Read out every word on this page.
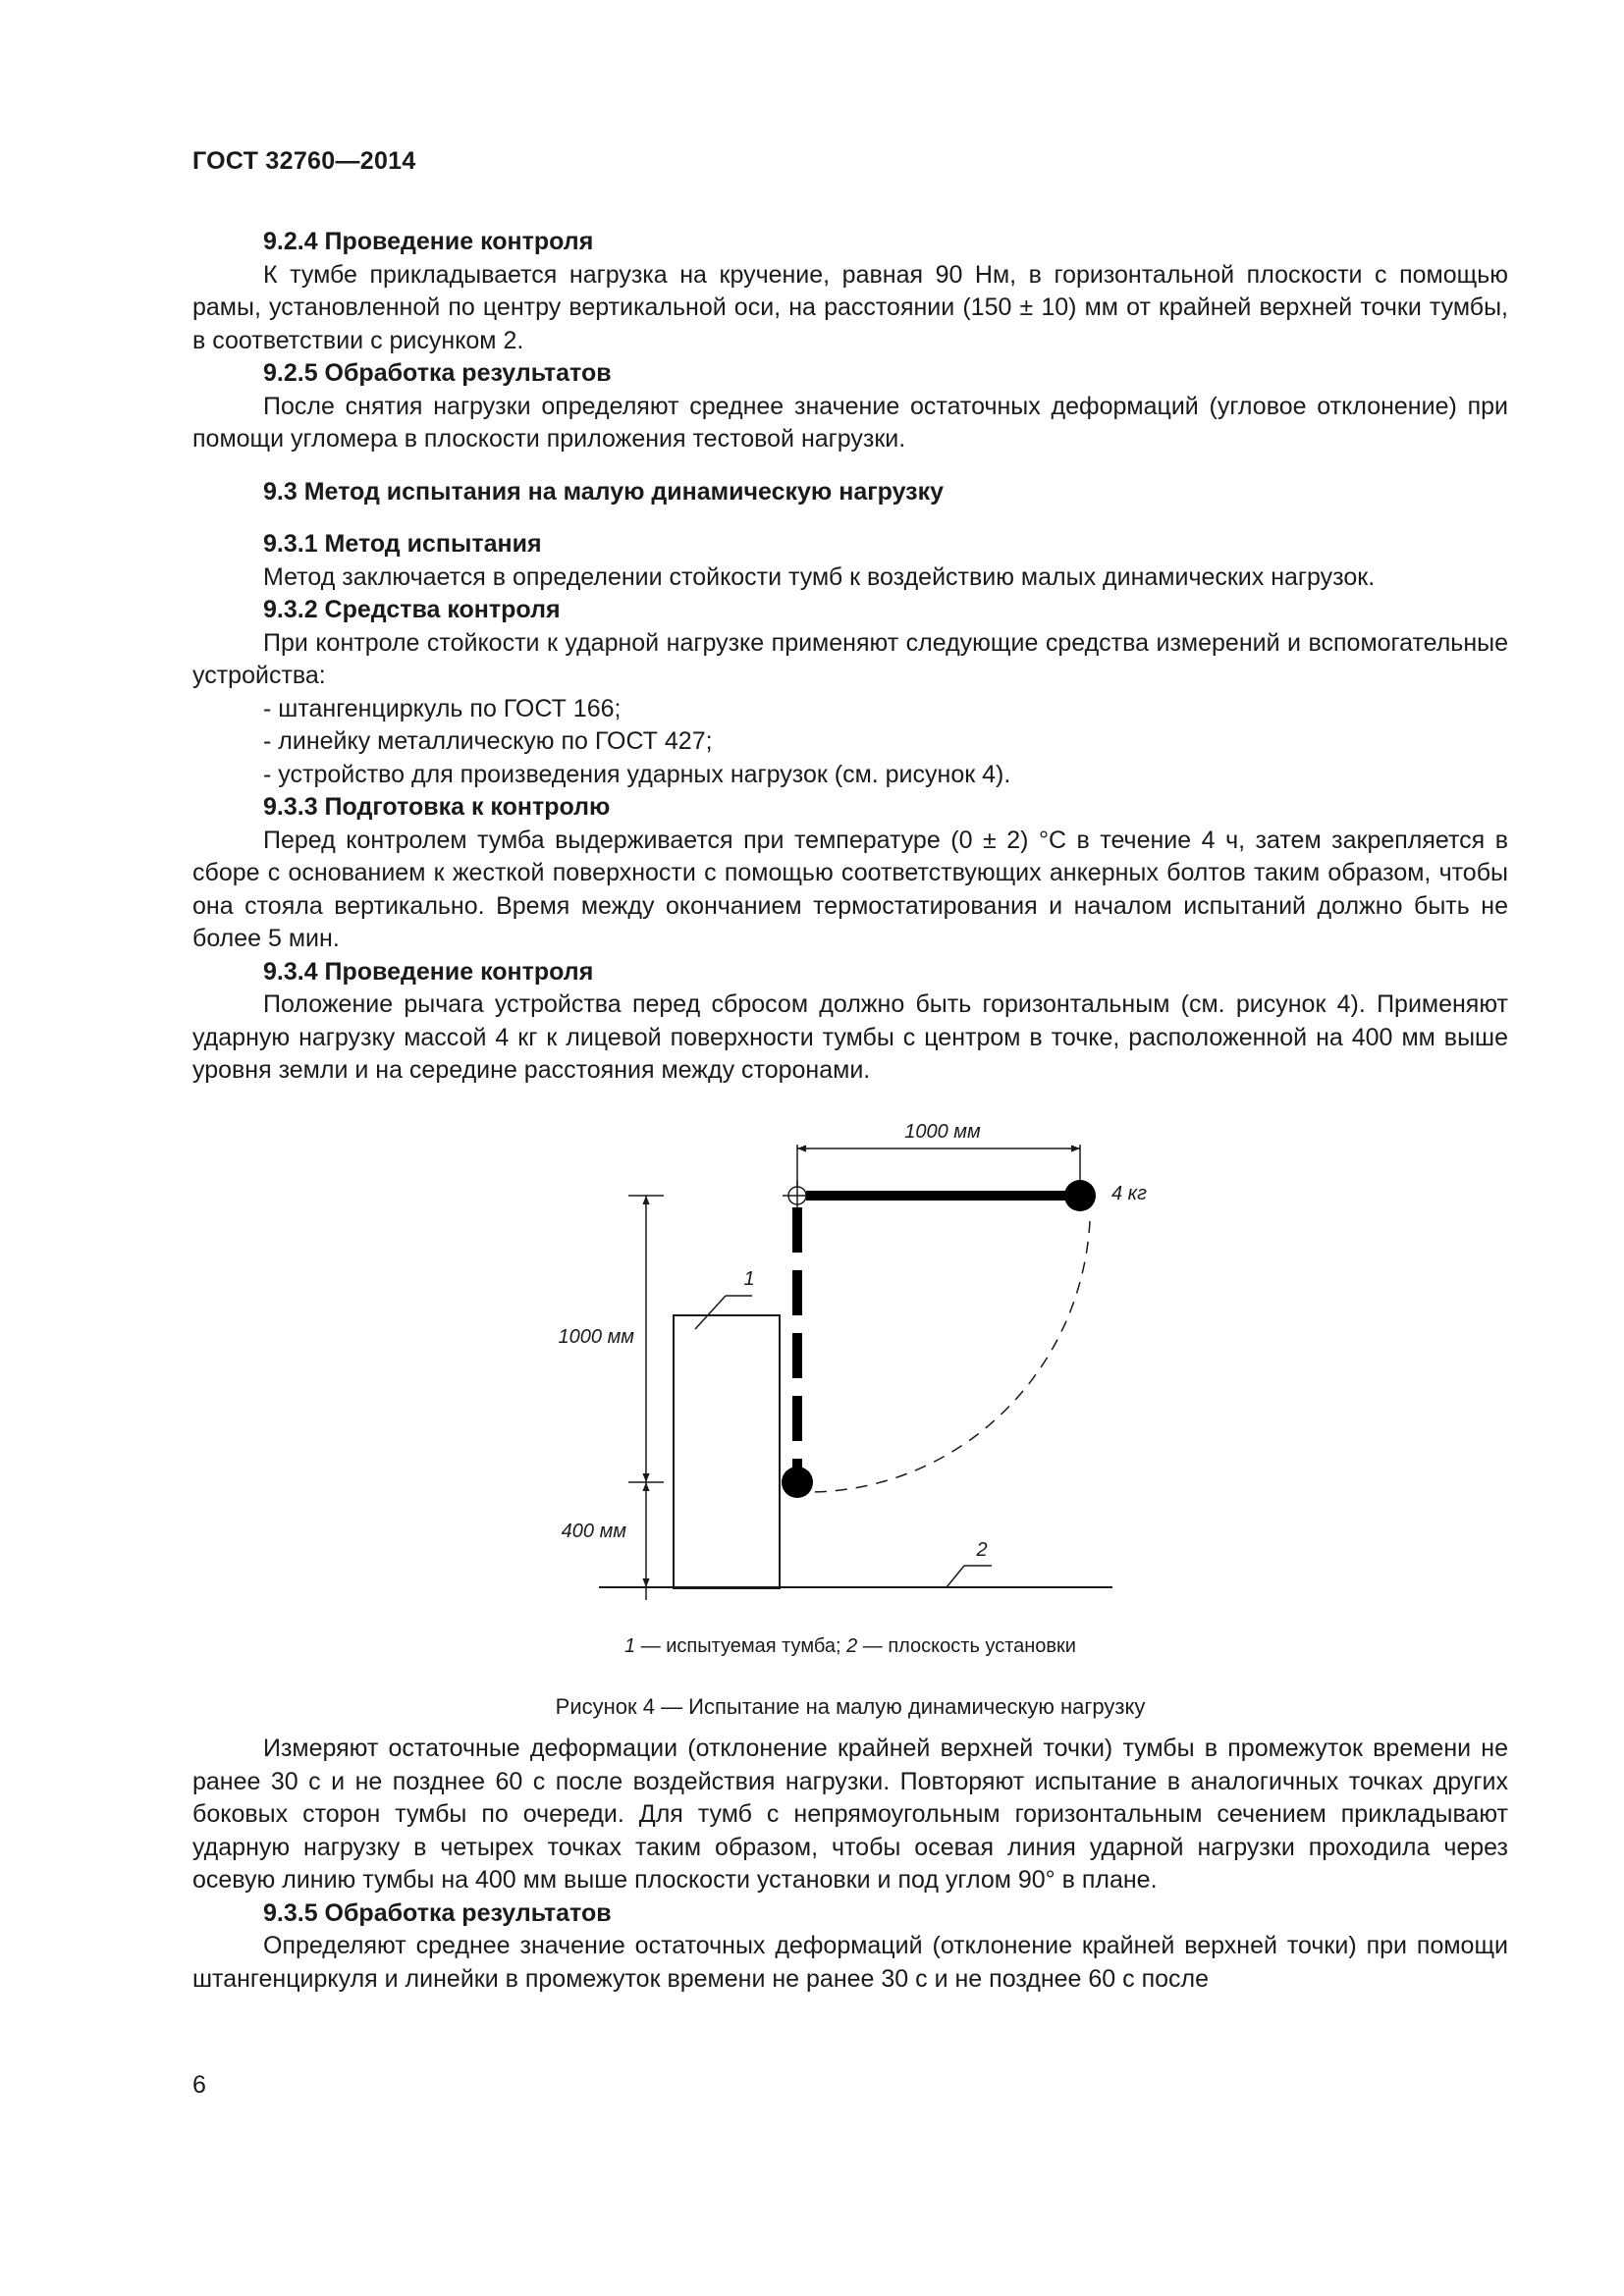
ГОСТ 32760—2014

9.2.4 Проведение контроля

К тумбе прикладывается нагрузка на кручение, равная 90 Нм, в горизонтальной плоскости с помощью рамы, установленной по центру вертикальной оси, на расстоянии (150 ± 10) мм от крайней верхней точки тумбы, в соответствии с рисунком 2.

9.2.5 Обработка результатов

После снятия нагрузки определяют среднее значение остаточных деформаций (угловое отклонение) при помощи угломера в плоскости приложения тестовой нагрузки.

9.3 Метод испытания на малую динамическую нагрузку

9.3.1 Метод испытания

Метод заключается в определении стойкости тумб к воздействию малых динамических нагрузок.

9.3.2 Средства контроля

При контроле стойкости к ударной нагрузке применяют следующие средства измерений и вспомогательные устройства:

- штангенциркуль по ГОСТ 166;

- линейку металлическую по ГОСТ 427;

- устройство для произведения ударных нагрузок (см. рисунок 4).

9.3.3 Подготовка к контролю

Перед контролем тумба выдерживается при температуре (0 ± 2) °С в течение 4 ч, затем закрепляется в сборе с основанием к жесткой поверхности с помощью соответствующих анкерных болтов таким образом, чтобы она стояла вертикально. Время между окончанием термостатирования и началом испытаний должно быть не более 5 мин.

9.3.4 Проведение контроля

Положение рычага устройства перед сбросом должно быть горизонтальным (см. рисунок 4). Применяют ударную нагрузку массой 4 кг к лицевой поверхности тумбы с центром в точке, расположенной на 400 мм выше уровня земли и на середине расстояния между сторонами.

1000 мм
4 кг
1
2
1000 мм
400 мм
1 — испытуемая тумба; 2 — плоскость установки
Рисунок 4 — Испытание на малую динамическую нагрузку

Измеряют остаточные деформации (отклонение крайней верхней точки) тумбы в промежуток времени не ранее 30 с и не позднее 60 с после воздействия нагрузки. Повторяют испытание в аналогичных точках других боковых сторон тумбы по очереди. Для тумб с непрямоугольным горизонтальным сечением прикладывают ударную нагрузку в четырех точках таким образом, чтобы осевая линия ударной нагрузки проходила через осевую линию тумбы на 400 мм выше плоскости установки и под углом 90° в плане.

9.3.5 Обработка результатов

Определяют среднее значение остаточных деформаций (отклонение крайней верхней точки) при помощи штангенциркуля и линейки в промежуток времени не ранее 30 с и не позднее 60 с после

6
